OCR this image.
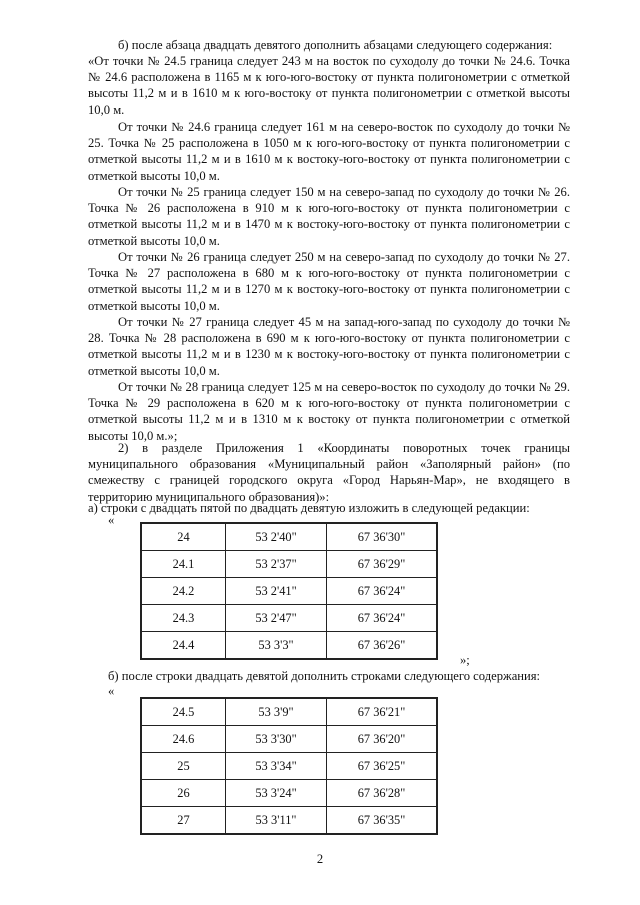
б) после абзаца двадцать девятого дополнить абзацами следующего содержания:

«От точки № 24.5 граница следует 243 м на восток по суходолу до точки № 24.6. Точка № 24.6 расположена в 1165 м к юго-юго-востоку от пункта полигонометрии с отметкой высоты 11,2 м и в 1610 м к юго-востоку от пункта полигонометрии с отметкой высоты 10,0 м.

От точки № 24.6 граница следует 161 м на северо-восток по суходолу до точки № 25. Точка № 25 расположена в 1050 м к юго-юго-востоку от пункта полигонометрии с отметкой высоты 11,2 м и в 1610 м к востоку-юго-востоку от пункта полигонометрии с отметкой высоты 10,0 м.

От точки № 25 граница следует 150 м на северо-запад по суходолу до точки № 26. Точка № 26 расположена в 910 м к юго-юго-востоку от пункта полигонометрии с отметкой высоты 11,2 м и в 1470 м к востоку-юго-востоку от пункта полигонометрии с отметкой высоты 10,0 м.

От точки № 26 граница следует 250 м на северо-запад по суходолу до точки № 27. Точка № 27 расположена в 680 м к юго-юго-востоку от пункта полигонометрии с отметкой высоты 11,2 м и в 1270 м к востоку-юго-востоку от пункта полигонометрии с отметкой высоты 10,0 м.

От точки № 27 граница следует 45 м на запад-юго-запад по суходолу до точки № 28. Точка № 28 расположена в 690 м к юго-юго-востоку от пункта полигонометрии с отметкой высоты 11,2 м и в 1230 м к востоку-юго-востоку от пункта полигонометрии с отметкой высоты 10,0 м.

От точки № 28 граница следует 125 м на северо-восток по суходолу до точки № 29. Точка № 29 расположена в 620 м к юго-юго-востоку от пункта полигонометрии с отметкой высоты 11,2 м и в 1310 м к востоку от пункта полигонометрии с отметкой высоты 10,0 м.»;

2) в разделе Приложения 1 «Координаты поворотных точек границы муниципального образования «Муниципальный район «Заполярный район» (по смежеству с границей городского округа «Город Нарьян-Мар», не входящего в территорию муниципального образования)»:

а) строки с двадцать пятой по двадцать девятую изложить в следующей редакции:

«

24	53 2'40"	67 36'30"
24.1	53 2'37"	67 36'29"
24.2	53 2'41"	67 36'24"
24.3	53 2'47"	67 36'24"
24.4	53 3'3"	67 36'26"

»;

б) после строки двадцать девятой дополнить строками следующего содержания:

«

24.5	53 3'9"	67 36'21"
24.6	53 3'30"	67 36'20"
25	53 3'34"	67 36'25"
26	53 3'24"	67 36'28"
27	53 3'11"	67 36'35"
2
